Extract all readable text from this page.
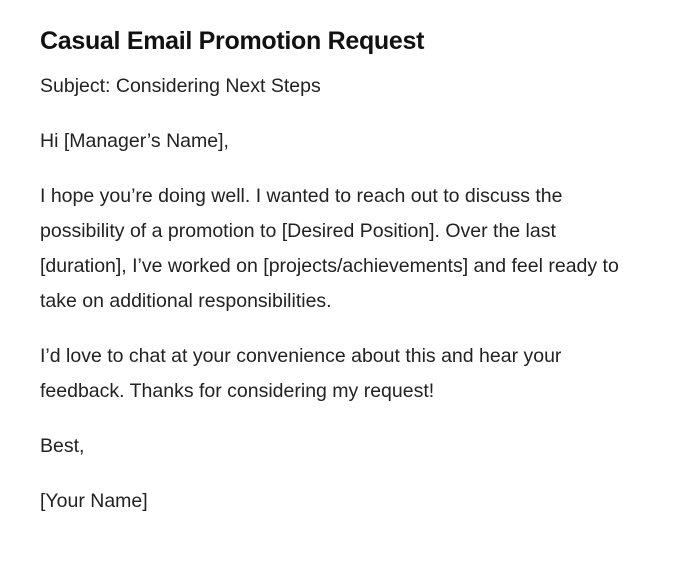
Casual Email Promotion Request

Subject: Considering Next Steps

Hi [Manager’s Name],

I hope you’re doing well. I wanted to reach out to discuss the possibility of a promotion to [Desired Position]. Over the last [duration], I’ve worked on [projects/achievements] and feel ready to take on additional responsibilities.

I’d love to chat at your convenience about this and hear your feedback. Thanks for considering my request!

Best,

[Your Name]
